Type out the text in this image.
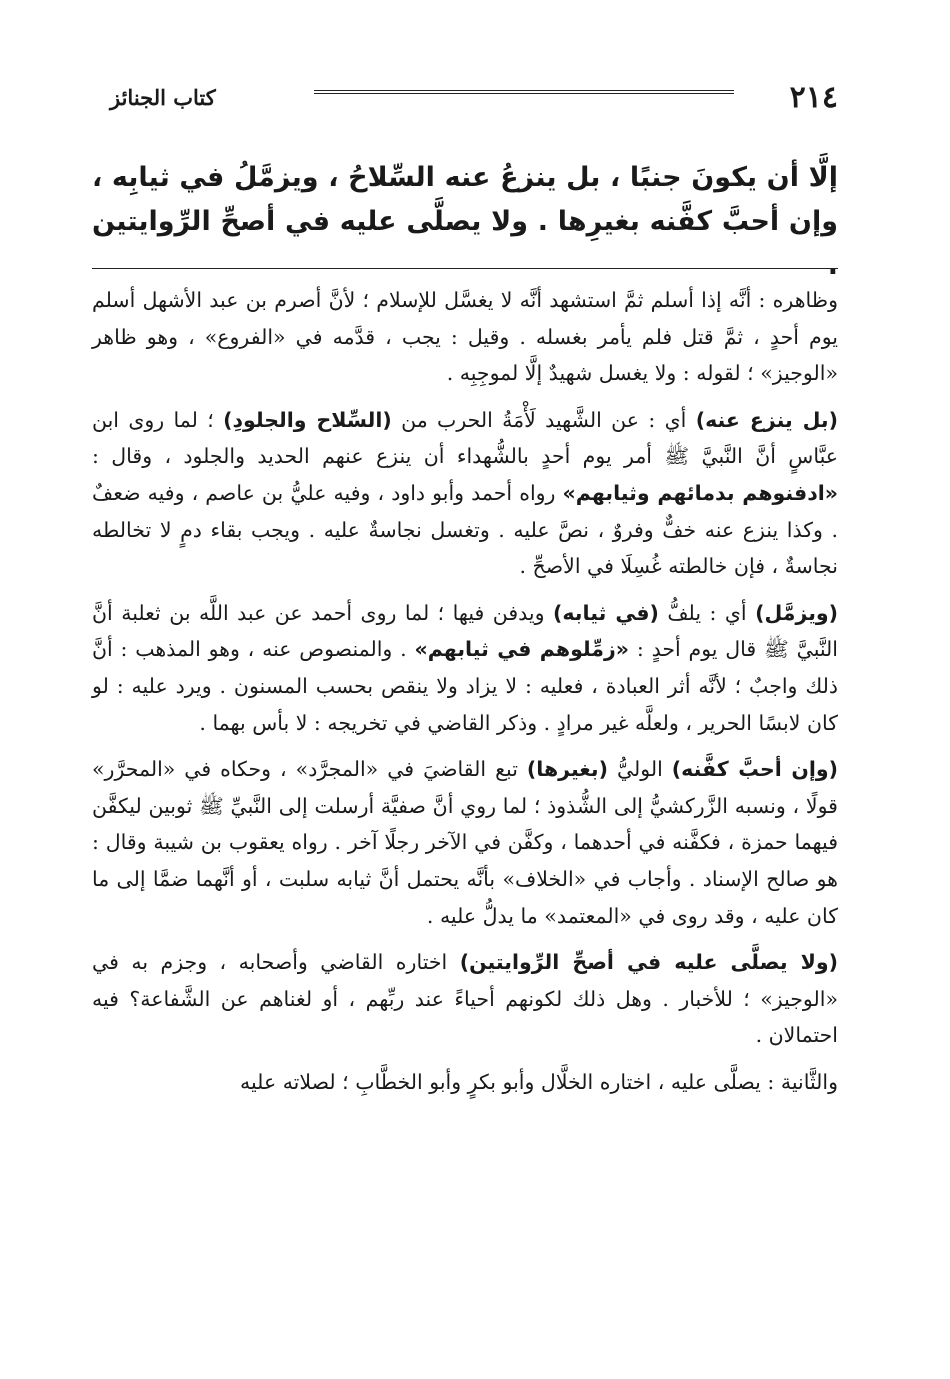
٢١٤
كتاب الجنائز
إلَّا أن يكونَ جنبًا ، بل ينزعُ عنه السِّلاحُ ، ويزمَّلُ في ثيابِه ، وإن أحبَّ كفَّنه بغيرِها . ولا يصلَّى عليه في أصحِّ الرِّوايتين .

وظاهره : أنَّه إذا أسلم ثمَّ استشهد أنَّه لا يغسَّل للإسلام ؛ لأنَّ أصرم بن عبد الأشهل أسلم يوم أحدٍ ، ثمَّ قتل فلم يأمر بغسله . وقيل : يجب ، قدَّمه في «الفروع» ، وهو ظاهر «الوجيز» ؛ لقوله : ولا يغسل شهيدٌ إلَّا لموجِبِه .

(بل ينزع عنه) أي : عن الشَّهيد لَأْمَةُ الحرب من (السِّلاح والجلودِ) ؛ لما روى ابن عبَّاسٍ أنَّ النَّبيَّ ﷺ أمر يوم أحدٍ بالشُّهداء أن ينزع عنهم الحديد والجلود ، وقال : «ادفنوهم بدمائهم وثيابهم» رواه أحمد وأبو داود ، وفيه عليُّ بن عاصم ، وفيه ضعفٌ . وكذا ينزع عنه خفٌّ وفروٌ ، نصَّ عليه . وتغسل نجاسةٌ عليه . ويجب بقاء دمٍ لا تخالطه نجاسةٌ ، فإن خالطته غُسِلَا في الأصحِّ .

(ويزمَّل) أي : يلفُّ (في ثيابه) ويدفن فيها ؛ لما روى أحمد عن عبد اللَّه بن ثعلبة أنَّ النَّبيَّ ﷺ قال يوم أحدٍ : «زمِّلوهم في ثيابهم» . والمنصوص عنه ، وهو المذهب : أنَّ ذلك واجبٌ ؛ لأنَّه أثر العبادة ، فعليه : لا يزاد ولا ينقص بحسب المسنون . ويرد عليه : لو كان لابسًا الحرير ، ولعلَّه غير مرادٍ . وذكر القاضي في تخريجه : لا بأس بهما .

(وإن أحبَّ كفَّنه) الوليُّ (بغيرها) تبع القاضيَ في «المجرَّد» ، وحكاه في «المحرَّر» قولًا ، ونسبه الزَّركشيُّ إلى الشُّذوذ ؛ لما روي أنَّ صفيَّة أرسلت إلى النَّبيِّ ﷺ ثوبين ليكفَّن فيهما حمزة ، فكفَّنه في أحدهما ، وكفَّن في الآخر رجلًا آخر . رواه يعقوب بن شيبة وقال : هو صالح الإسناد . وأجاب في «الخلاف» بأنَّه يحتمل أنَّ ثيابه سلبت ، أو أنَّهما ضمَّا إلى ما كان عليه ، وقد روى في «المعتمد» ما يدلُّ عليه .

(ولا يصلَّى عليه في أصحِّ الرِّوايتين) اختاره القاضي وأصحابه ، وجزم به في «الوجيز» ؛ للأخبار . وهل ذلك لكونهم أحياءً عند ربِّهم ، أو لغناهم عن الشَّفاعة؟ فيه احتمالان .

والثَّانية : يصلَّى عليه ، اختاره الخلَّال وأبو بكرٍ وأبو الخطَّابِ ؛ لصلاته عليه
